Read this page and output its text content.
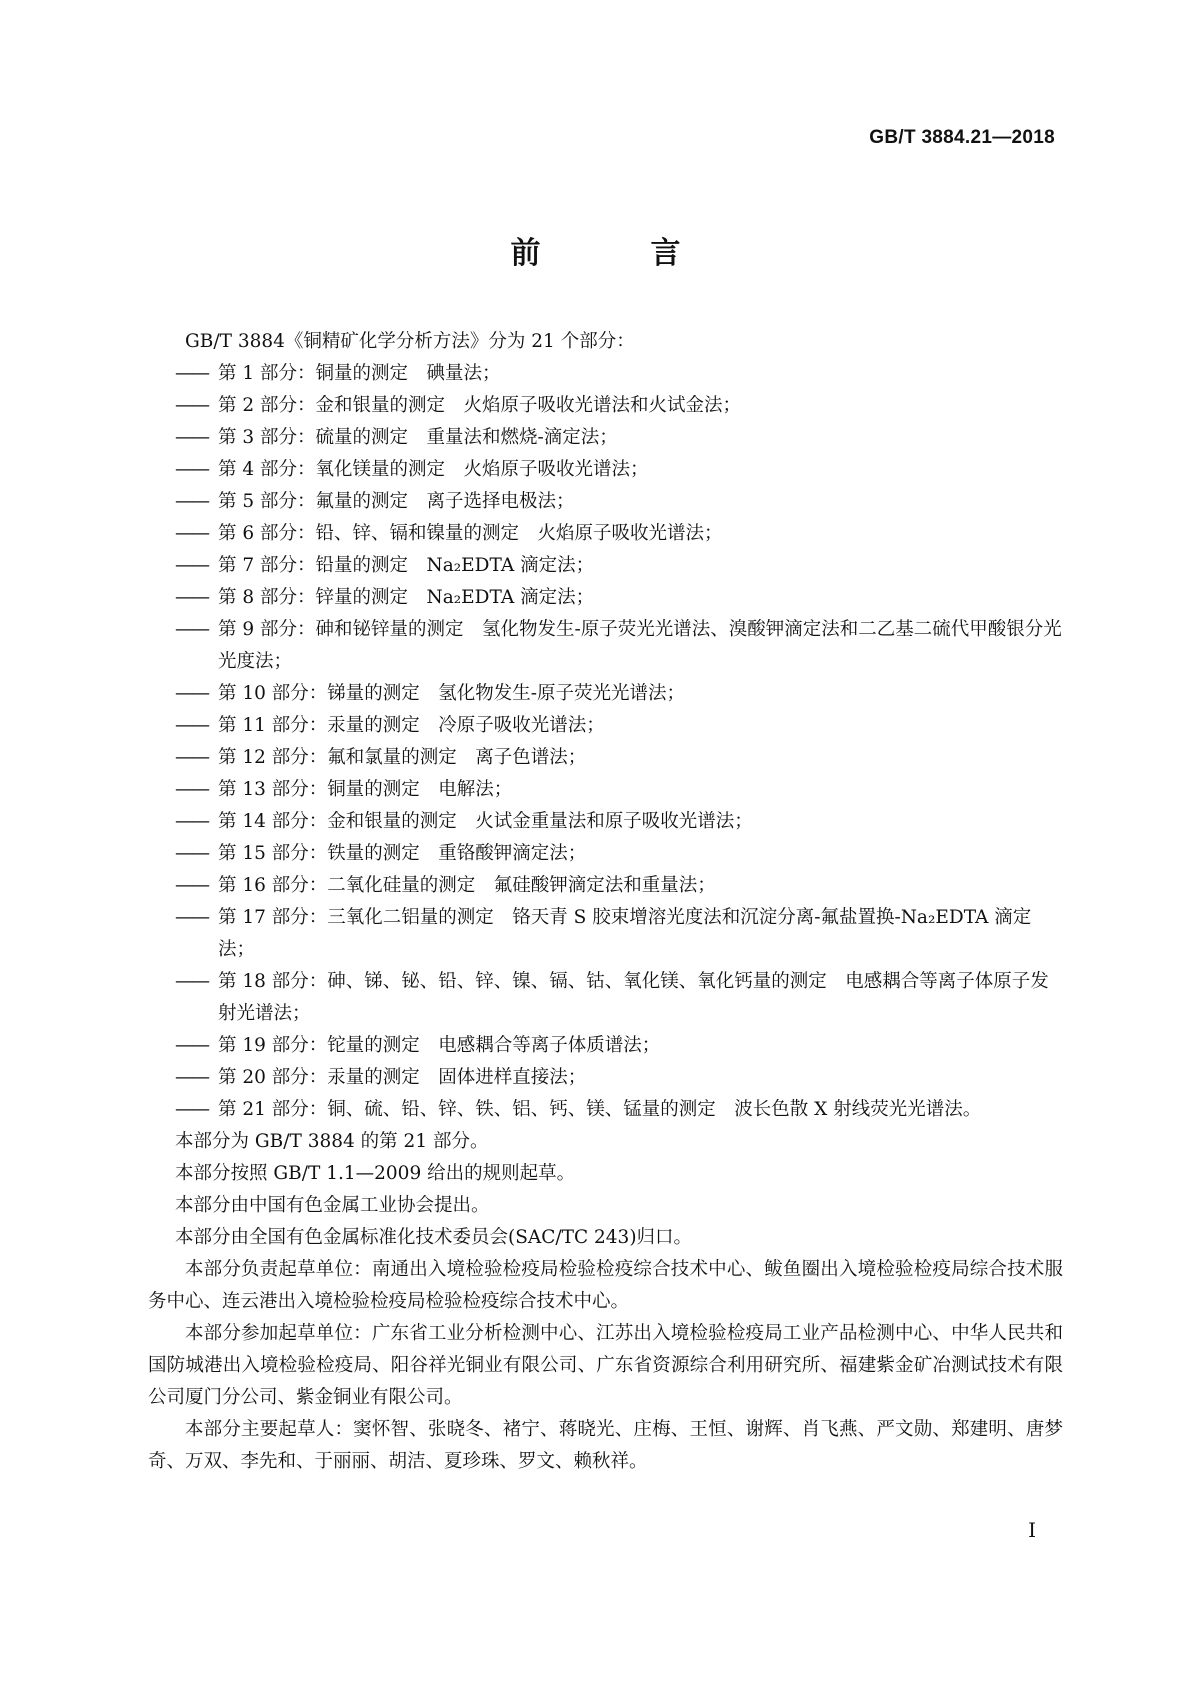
GB/T 3884.21—2018
前　言

GB/T 3884《铜精矿化学分析方法》分为 21 个部分：

—— 第 1 部分：铜量的测定　碘量法；
—— 第 2 部分：金和银量的测定　火焰原子吸收光谱法和火试金法；
—— 第 3 部分：硫量的测定　重量法和燃烧-滴定法；
—— 第 4 部分：氧化镁量的测定　火焰原子吸收光谱法；
—— 第 5 部分：氟量的测定　离子选择电极法；
—— 第 6 部分：铅、锌、镉和镍量的测定　火焰原子吸收光谱法；
—— 第 7 部分：铅量的测定　Na₂EDTA 滴定法；
—— 第 8 部分：锌量的测定　Na₂EDTA 滴定法；
—— 第 9 部分：砷和铋锌量的测定　氢化物发生-原子荧光光谱法、溴酸钾滴定法和二乙基二硫代甲酸银分光光度法；
—— 第 10 部分：锑量的测定　氢化物发生-原子荧光光谱法；
—— 第 11 部分：汞量的测定　冷原子吸收光谱法；
—— 第 12 部分：氟和氯量的测定　离子色谱法；
—— 第 13 部分：铜量的测定　电解法；
—— 第 14 部分：金和银量的测定　火试金重量法和原子吸收光谱法；
—— 第 15 部分：铁量的测定　重铬酸钾滴定法；
—— 第 16 部分：二氧化硅量的测定　氟硅酸钾滴定法和重量法；
—— 第 17 部分：三氧化二铝量的测定　铬天青 S 胶束增溶光度法和沉淀分离-氟盐置换-Na₂EDTA 滴定法；
—— 第 18 部分：砷、锑、铋、铅、锌、镍、镉、钴、氧化镁、氧化钙量的测定　电感耦合等离子体原子发射光谱法；
—— 第 19 部分：铊量的测定　电感耦合等离子体质谱法；
—— 第 20 部分：汞量的测定　固体进样直接法；
—— 第 21 部分：铜、硫、铅、锌、铁、铝、钙、镁、锰量的测定　波长色散 X 射线荧光光谱法。

本部分为 GB/T 3884 的第 21 部分。

本部分按照 GB/T 1.1—2009 给出的规则起草。

本部分由中国有色金属工业协会提出。

本部分由全国有色金属标准化技术委员会(SAC/TC 243)归口。

本部分负责起草单位：南通出入境检验检疫局检验检疫综合技术中心、鲅鱼圈出入境检验检疫局综合技术服务中心、连云港出入境检验检疫局检验检疫综合技术中心。

本部分参加起草单位：广东省工业分析检测中心、江苏出入境检验检疫局工业产品检测中心、中华人民共和国防城港出入境检验检疫局、阳谷祥光铜业有限公司、广东省资源综合利用研究所、福建紫金矿冶测试技术有限公司厦门分公司、紫金铜业有限公司。

本部分主要起草人：窦怀智、张晓冬、褚宁、蒋晓光、庄梅、王恒、谢辉、肖飞燕、严文勋、郑建明、唐梦奇、万双、李先和、于丽丽、胡洁、夏珍珠、罗文、赖秋祥。

I
